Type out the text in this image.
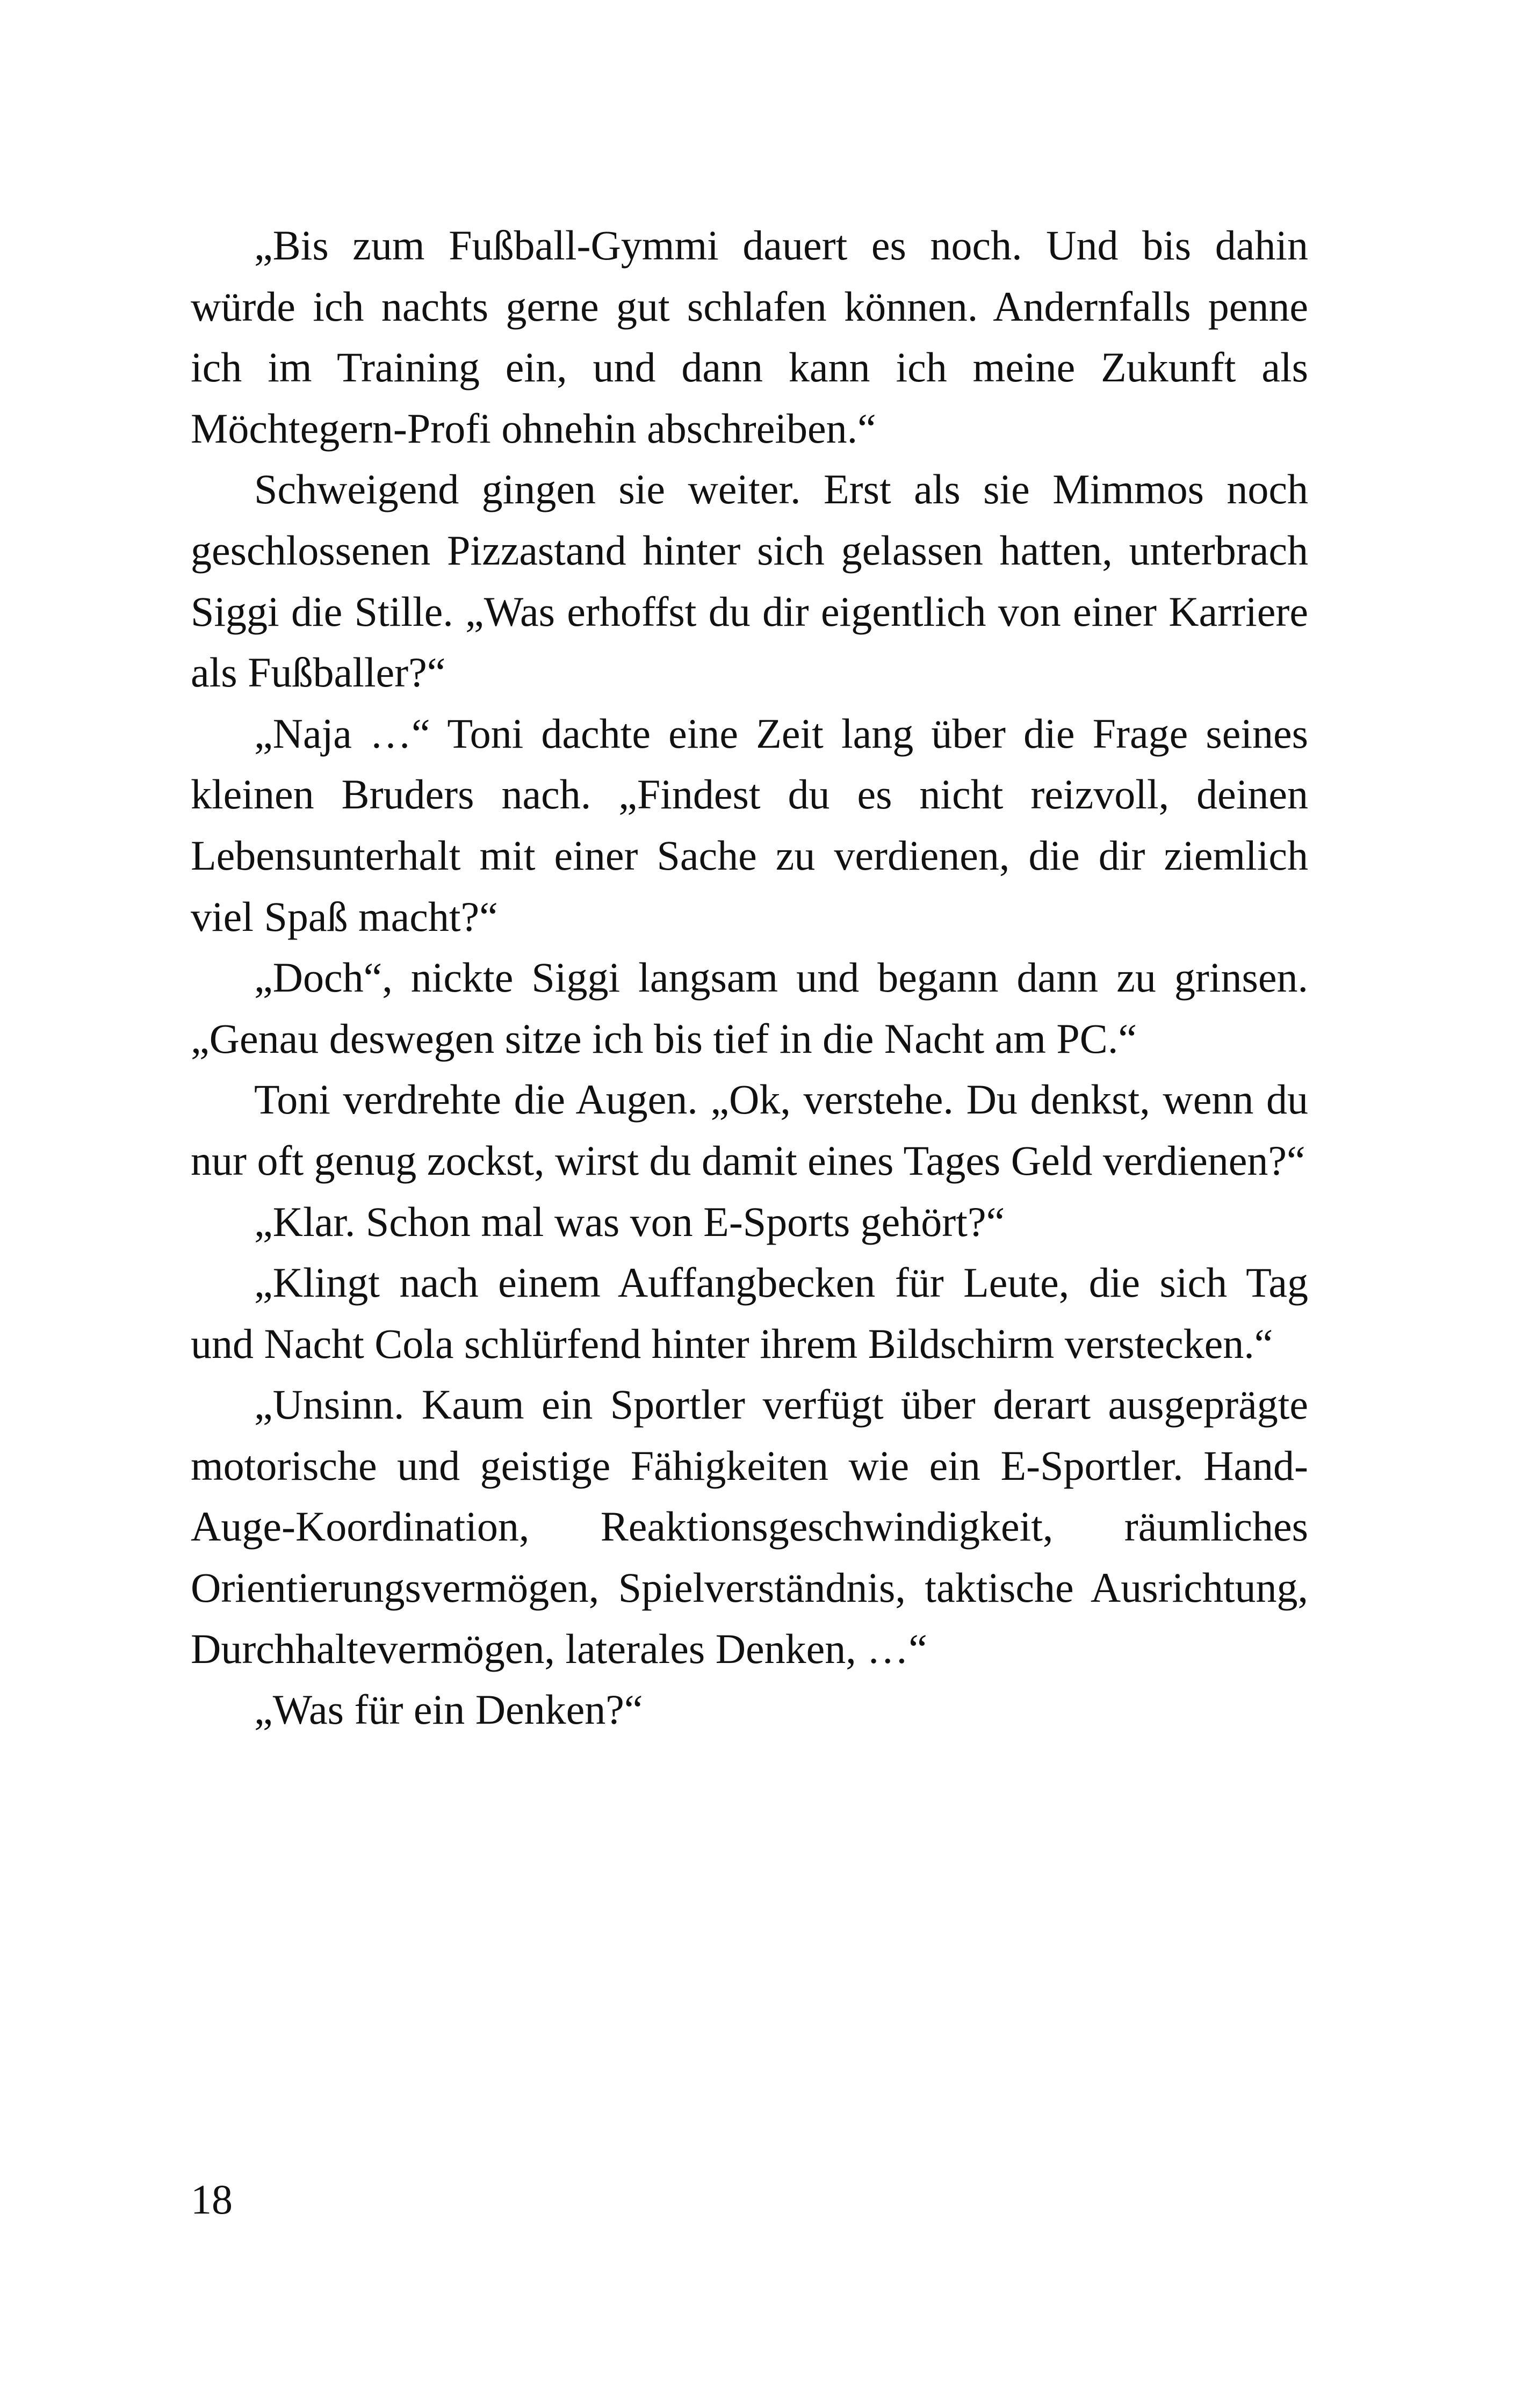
„Bis zum Fußball-Gymmi dauert es noch. Und bis dahin würde ich nachts gerne gut schlafen können. Andernfalls penne ich im Training ein, und dann kann ich meine Zukunft als Möchtegern-Profi ohnehin abschreiben.“

Schweigend gingen sie weiter. Erst als sie Mimmos noch geschlossenen Pizzastand hinter sich gelassen hatten, unterbrach Siggi die Stille. „Was erhoffst du dir eigentlich von einer Karriere als Fußballer?“

„Naja …“ Toni dachte eine Zeit lang über die Frage seines kleinen Bruders nach. „Findest du es nicht reizvoll, deinen Lebensunterhalt mit einer Sache zu verdienen, die dir ziemlich viel Spaß macht?“

„Doch“, nickte Siggi langsam und begann dann zu grinsen. „Genau deswegen sitze ich bis tief in die Nacht am PC.“

Toni verdrehte die Augen. „Ok, verstehe. Du denkst, wenn du nur oft genug zockst, wirst du damit eines Tages Geld verdienen?“

„Klar. Schon mal was von E-Sports gehört?“

„Klingt nach einem Auffangbecken für Leute, die sich Tag und Nacht Cola schlürfend hinter ihrem Bildschirm verstecken.“

„Unsinn. Kaum ein Sportler verfügt über derart ausgeprägte motorische und geistige Fähigkeiten wie ein E-Sportler. Hand-Auge-Koordination, Reaktionsgeschwindigkeit, räumliches Orientierungsvermögen, Spielverständnis, taktische Ausrichtung, Durchhaltevermögen, laterales Denken, …“

„Was für ein Denken?“

18
